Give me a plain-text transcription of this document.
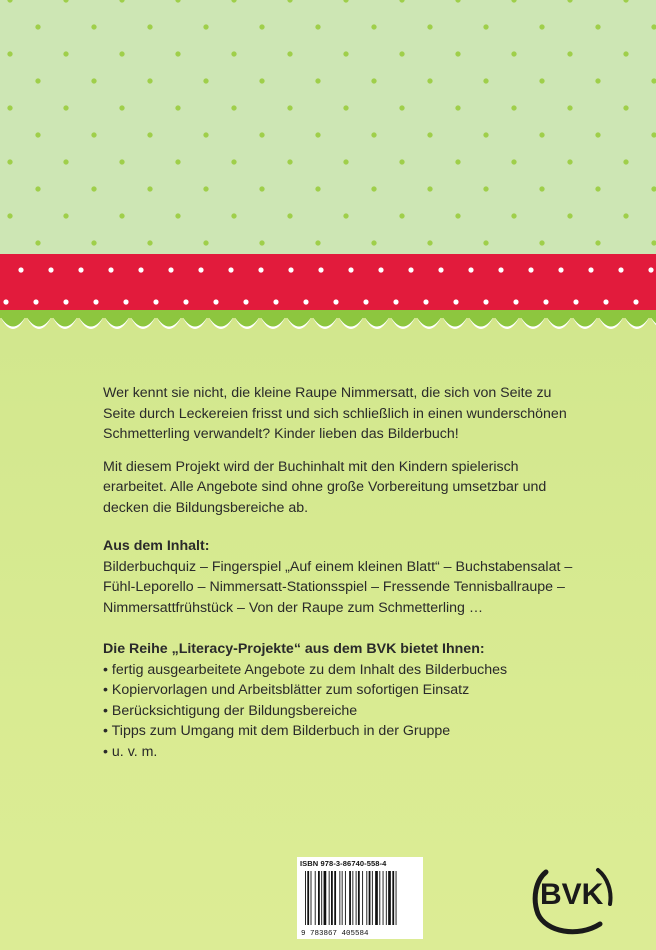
Wer kennt sie nicht, die kleine Raupe Nimmersatt, die sich von Seite zu Seite durch Leckereien frisst und sich schließlich in einen wunderschönen Schmetterling verwandelt? Kinder lieben das Bilderbuch!

Mit diesem Projekt wird der Buchinhalt mit den Kindern spielerisch erarbeitet. Alle Angebote sind ohne große Vorbereitung umsetzbar und decken die Bildungsbereiche ab.

Aus dem Inhalt:

Bilderbuchquiz – Fingerspiel „Auf einem kleinen Blatt“ – Buchstabensalat – Fühl-Leporello – Nimmersatt-Stationsspiel – Fressende Tennisballraupe – Nimmersattfrühstück – Von der Raupe zum Schmetterling …

Die Reihe „Literacy-Projekte“ aus dem BVK bietet Ihnen:

• fertig ausgearbeitete Angebote zu dem Inhalt des Bilderbuches
• Kopiervorlagen und Arbeitsblätter zum sofortigen Einsatz
• Berücksichtigung der Bildungsbereiche
• Tipps zum Umgang mit dem Bilderbuch in der Gruppe
• u. v. m.
ISBN 978-3-86740-558-4
9 783867 405584
BVK
